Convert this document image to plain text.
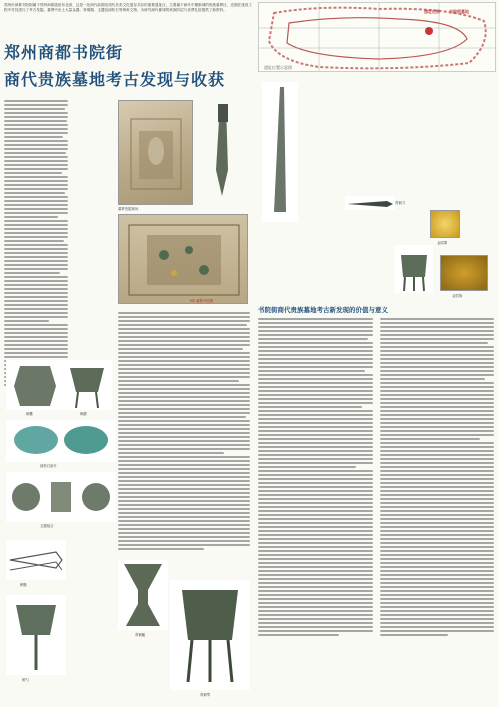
郑州市商都书院街属于郑州商都遗址东北部，这是一处商代前期至周代各类文化遗存共存的重要遗址区，主要属于商代中期都城的贵族墓葬区，近期在建设工程中对其进行了考古发掘。墓葬中出土大量金器、青铜器、玉器及绿松石等珍贵文物，为研究商代都城的贵族阶层与丧葬礼俗提供了新资料。	遗址范围 书院街墓地
遗址位置示意图
郑州商都书院街
商代贵族墓地考古发现与收获
墓葬发掘现场
M2 墓葬平面图
金面罩
金箔饰
青铜刀
铜罍	铜爵
绿松石嵌片
玉器组合
铜镞
铜勺
青铜觚
青铜斝
书院街商代贵族墓地考古新发现的价值与意义
